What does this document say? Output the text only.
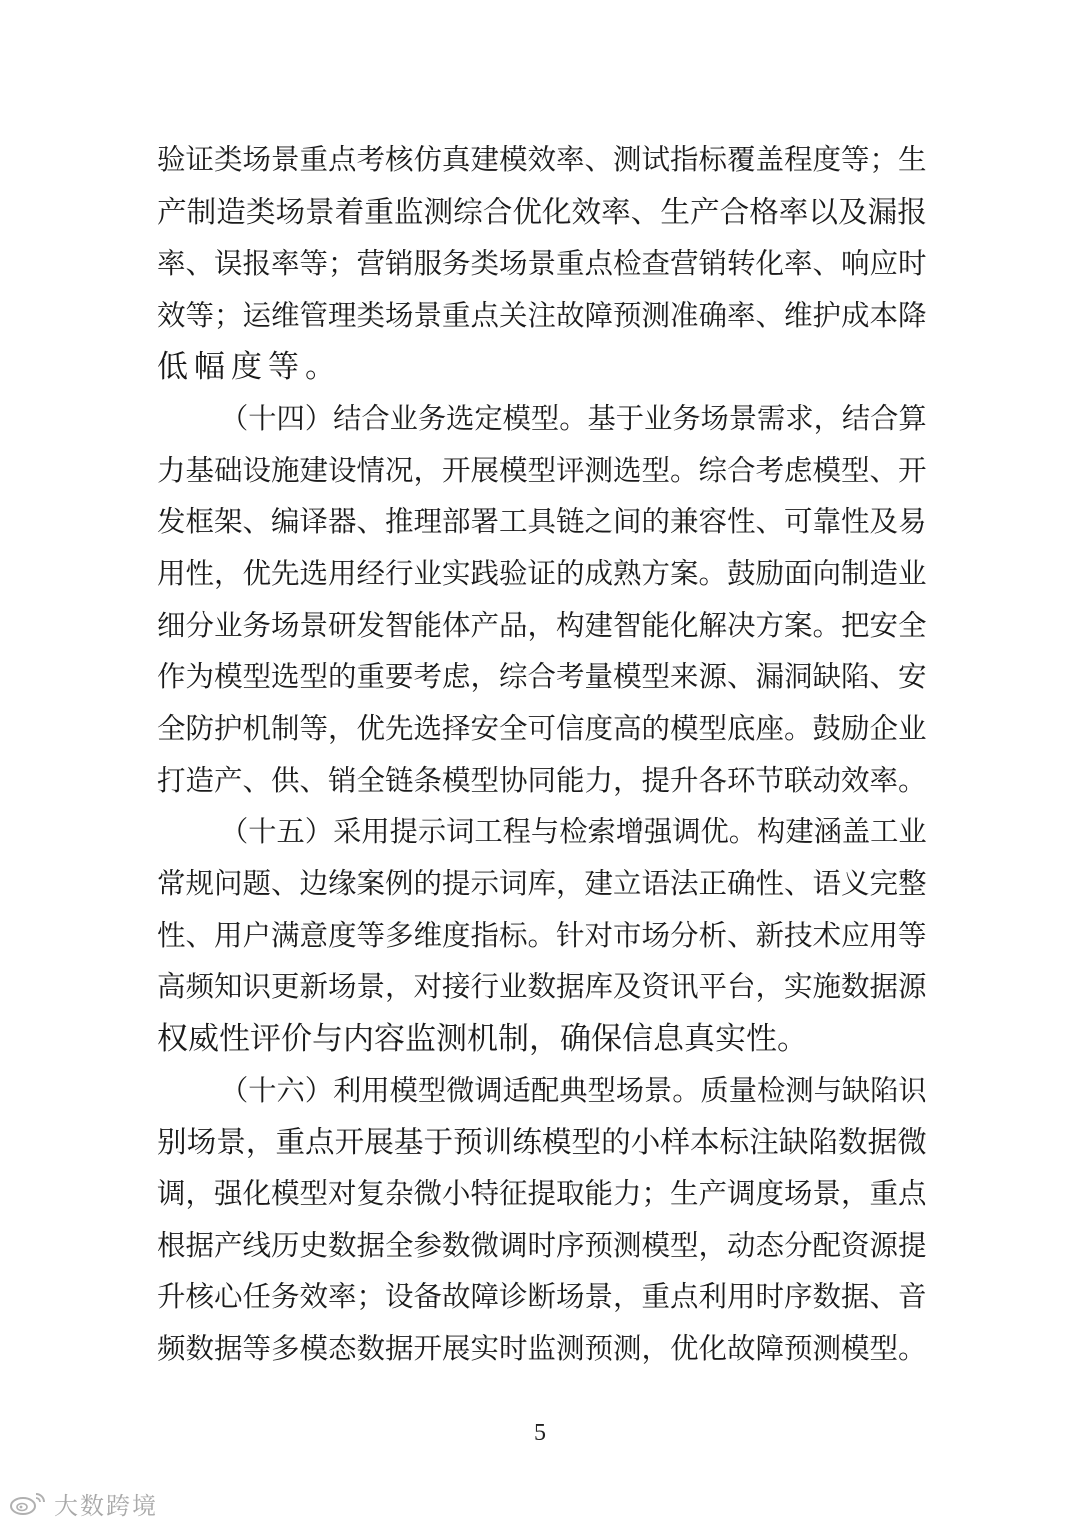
验证类场景重点考核仿真建模效率、测试指标覆盖程度等；生
产制造类场景着重监测综合优化效率、生产合格率以及漏报
率、误报率等；营销服务类场景重点检查营销转化率、响应时
效等；运维管理类场景重点关注故障预测准确率、维护成本降
低幅度等。
（十四）结合业务选定模型。基于业务场景需求，结合算
力基础设施建设情况，开展模型评测选型。综合考虑模型、开
发框架、编译器、推理部署工具链之间的兼容性、可靠性及易
用性，优先选用经行业实践验证的成熟方案。鼓励面向制造业
细分业务场景研发智能体产品，构建智能化解决方案。把安全
作为模型选型的重要考虑，综合考量模型来源、漏洞缺陷、安
全防护机制等，优先选择安全可信度高的模型底座。鼓励企业
打造产、供、销全链条模型协同能力，提升各环节联动效率。
（十五）采用提示词工程与检索增强调优。构建涵盖工业
常规问题、边缘案例的提示词库，建立语法正确性、语义完整
性、用户满意度等多维度指标。针对市场分析、新技术应用等
高频知识更新场景，对接行业数据库及资讯平台，实施数据源
权威性评价与内容监测机制，确保信息真实性。
（十六）利用模型微调适配典型场景。质量检测与缺陷识
别场景，重点开展基于预训练模型的小样本标注缺陷数据微
调，强化模型对复杂微小特征提取能力；生产调度场景，重点
根据产线历史数据全参数微调时序预测模型，动态分配资源提
升核心任务效率；设备故障诊断场景，重点利用时序数据、音
频数据等多模态数据开展实时监测预测，优化故障预测模型。
5
大数跨境
